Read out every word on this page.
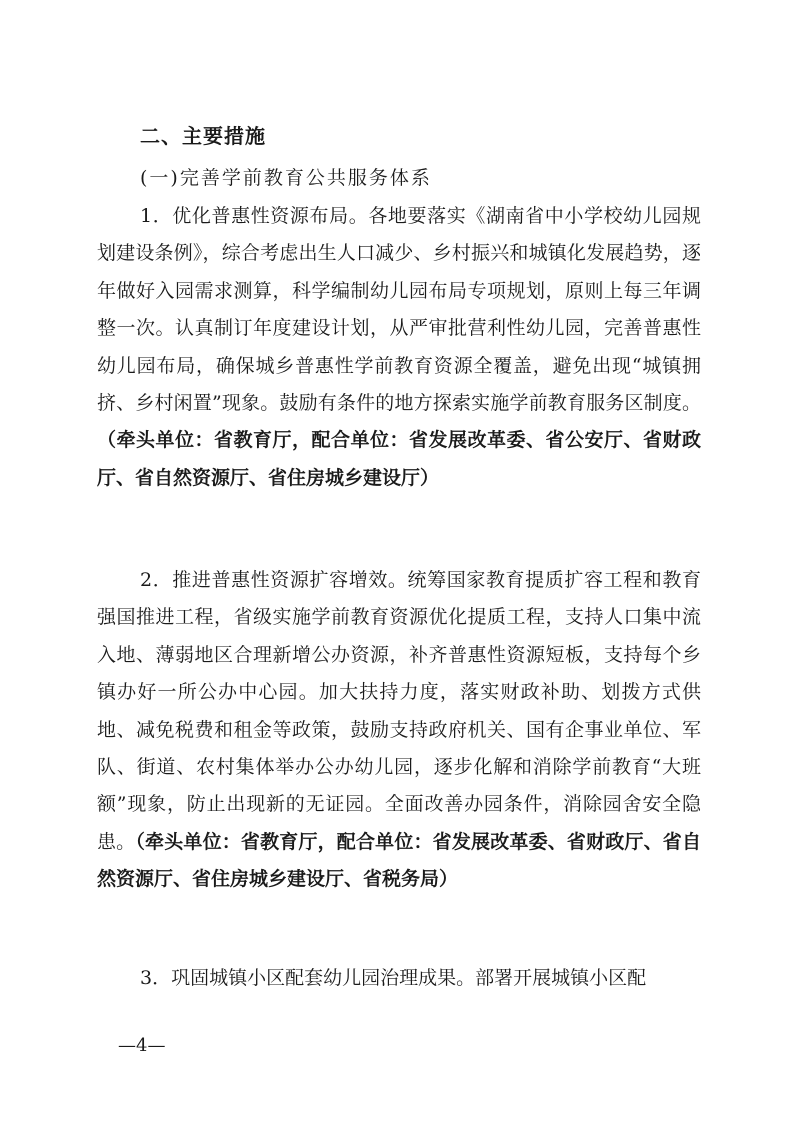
二、主要措施
(一)完善学前教育公共服务体系

1．优化普惠性资源布局。各地要落实《湖南省中小学校幼儿园规划建设条例》，综合考虑出生人口减少、乡村振兴和城镇化发展趋势，逐年做好入园需求测算，科学编制幼儿园布局专项规划，原则上每三年调整一次。认真制订年度建设计划，从严审批营利性幼儿园，完善普惠性幼儿园布局，确保城乡普惠性学前教育资源全覆盖，避免出现“城镇拥挤、乡村闲置”现象。鼓励有条件的地方探索实施学前教育服务区制度。（牵头单位：省教育厅，配合单位：省发展改革委、省公安厅、省财政厅、省自然资源厅、省住房城乡建设厅）

2．推进普惠性资源扩容增效。统筹国家教育提质扩容工程和教育强国推进工程，省级实施学前教育资源优化提质工程，支持人口集中流入地、薄弱地区合理新增公办资源，补齐普惠性资源短板，支持每个乡镇办好一所公办中心园。加大扶持力度，落实财政补助、划拨方式供地、减免税费和租金等政策，鼓励支持政府机关、国有企事业单位、军队、街道、农村集体举办公办幼儿园，逐步化解和消除学前教育“大班额”现象，防止出现新的无证园。全面改善办园条件，消除园舍安全隐患。（牵头单位：省教育厅，配合单位：省发展改革委、省财政厅、省自然资源厅、省住房城乡建设厅、省税务局）

3．巩固城镇小区配套幼儿园治理成果。部署开展城镇小区配

—4—
